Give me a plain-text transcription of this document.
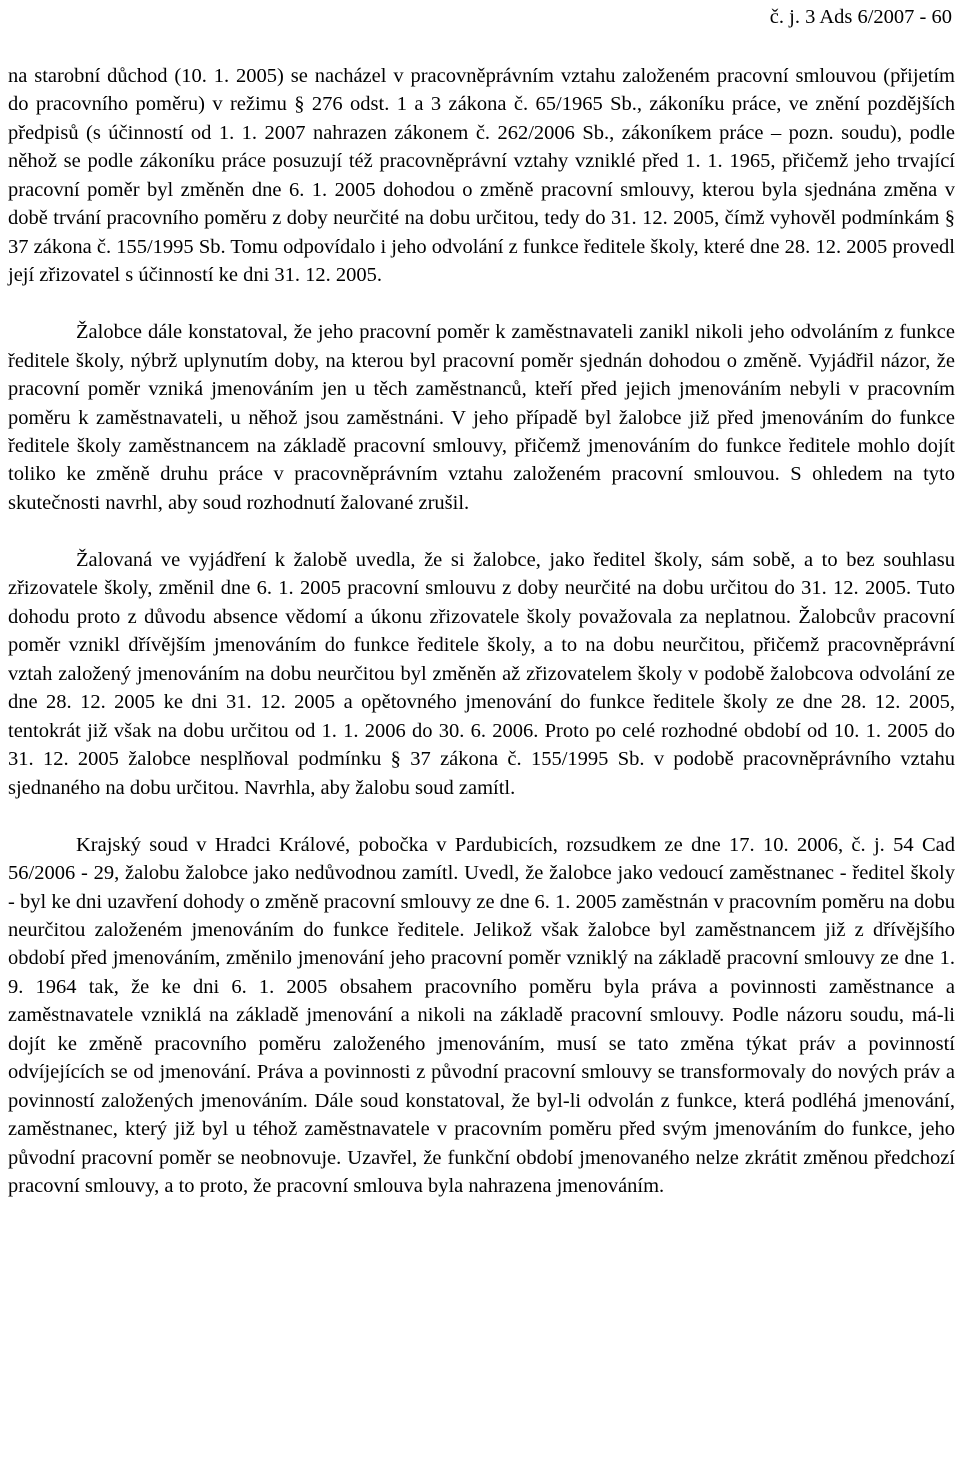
č. j. 3 Ads 6/2007 - 60

na starobní důchod (10. 1. 2005) se nacházel v pracovněprávním vztahu založeném pracovní smlouvou (přijetím do pracovního poměru) v režimu § 276 odst. 1 a 3 zákona č. 65/1965 Sb., zákoníku práce, ve znění pozdějších předpisů (s účinností od 1. 1. 2007 nahrazen zákonem č. 262/2006 Sb., zákoníkem práce – pozn. soudu), podle něhož se podle zákoníku práce posuzují též pracovněprávní vztahy vzniklé před 1. 1. 1965, přičemž jeho trvající pracovní poměr byl změněn dne 6. 1. 2005 dohodou o změně pracovní smlouvy, kterou byla sjednána změna v době trvání pracovního poměru z doby neurčité na dobu určitou, tedy do 31. 12. 2005, čímž vyhověl podmínkám § 37 zákona č. 155/1995 Sb. Tomu odpovídalo i jeho odvolání z funkce ředitele školy, které dne 28. 12. 2005 provedl její zřizovatel s účinností ke dni 31. 12. 2005.

Žalobce dále konstatoval, že jeho pracovní poměr k zaměstnavateli zanikl nikoli jeho odvoláním z funkce ředitele školy, nýbrž uplynutím doby, na kterou byl pracovní poměr sjednán dohodou o změně. Vyjádřil názor, že pracovní poměr vzniká jmenováním jen u těch zaměstnanců, kteří před jejich jmenováním nebyli v pracovním poměru k zaměstnavateli, u něhož jsou zaměstnáni. V jeho případě byl žalobce již před jmenováním do funkce ředitele školy zaměstnancem na základě pracovní smlouvy, přičemž jmenováním do funkce ředitele mohlo dojít toliko ke změně druhu práce v pracovněprávním vztahu založeném pracovní smlouvou. S ohledem na tyto skutečnosti navrhl, aby soud rozhodnutí žalované zrušil.

Žalovaná ve vyjádření k žalobě uvedla, že si žalobce, jako ředitel školy, sám sobě, a to bez souhlasu zřizovatele školy, změnil dne 6. 1. 2005 pracovní smlouvu z doby neurčité na dobu určitou do 31. 12. 2005. Tuto dohodu proto z důvodu absence vědomí a úkonu zřizovatele školy považovala za neplatnou. Žalobcův pracovní poměr vznikl dřívějším jmenováním do funkce ředitele školy, a to na dobu neurčitou, přičemž pracovněprávní vztah založený jmenováním na dobu neurčitou byl změněn až zřizovatelem školy v podobě žalobcova odvolání ze dne 28. 12. 2005 ke dni 31. 12. 2005 a opětovného jmenování do funkce ředitele školy ze dne 28. 12. 2005, tentokrát již však na dobu určitou od 1. 1. 2006 do 30. 6. 2006. Proto po celé rozhodné období od 10. 1. 2005 do 31. 12. 2005 žalobce nesplňoval podmínku § 37 zákona č. 155/1995 Sb. v podobě pracovněprávního vztahu sjednaného na dobu určitou. Navrhla, aby žalobu soud zamítl.

Krajský soud v Hradci Králové, pobočka v Pardubicích, rozsudkem ze dne 17. 10. 2006, č. j. 54 Cad 56/2006 - 29, žalobu žalobce jako nedůvodnou zamítl. Uvedl, že žalobce jako vedoucí zaměstnanec - ředitel školy - byl ke dni uzavření dohody o změně pracovní smlouvy ze dne 6. 1. 2005 zaměstnán v pracovním poměru na dobu neurčitou založeném jmenováním do funkce ředitele. Jelikož však žalobce byl zaměstnancem již z dřívějšího období před jmenováním, změnilo jmenování jeho pracovní poměr vzniklý na základě pracovní smlouvy ze dne 1. 9. 1964 tak, že ke dni 6. 1. 2005 obsahem pracovního poměru byla práva a povinnosti zaměstnance a zaměstnavatele vzniklá na základě jmenování a nikoli na základě pracovní smlouvy. Podle názoru soudu, má-li dojít ke změně pracovního poměru založeného jmenováním, musí se tato změna týkat práv a povinností odvíjejících se od jmenování. Práva a povinnosti z původní pracovní smlouvy se transformovaly do nových práv a povinností založených jmenováním. Dále soud konstatoval, že byl-li odvolán z funkce, která podléhá jmenování, zaměstnanec, který již byl u téhož zaměstnavatele v pracovním poměru před svým jmenováním do funkce, jeho původní pracovní poměr se neobnovuje. Uzavřel, že funkční období jmenovaného nelze zkrátit změnou předchozí pracovní smlouvy, a to proto, že pracovní smlouva byla nahrazena jmenováním.
